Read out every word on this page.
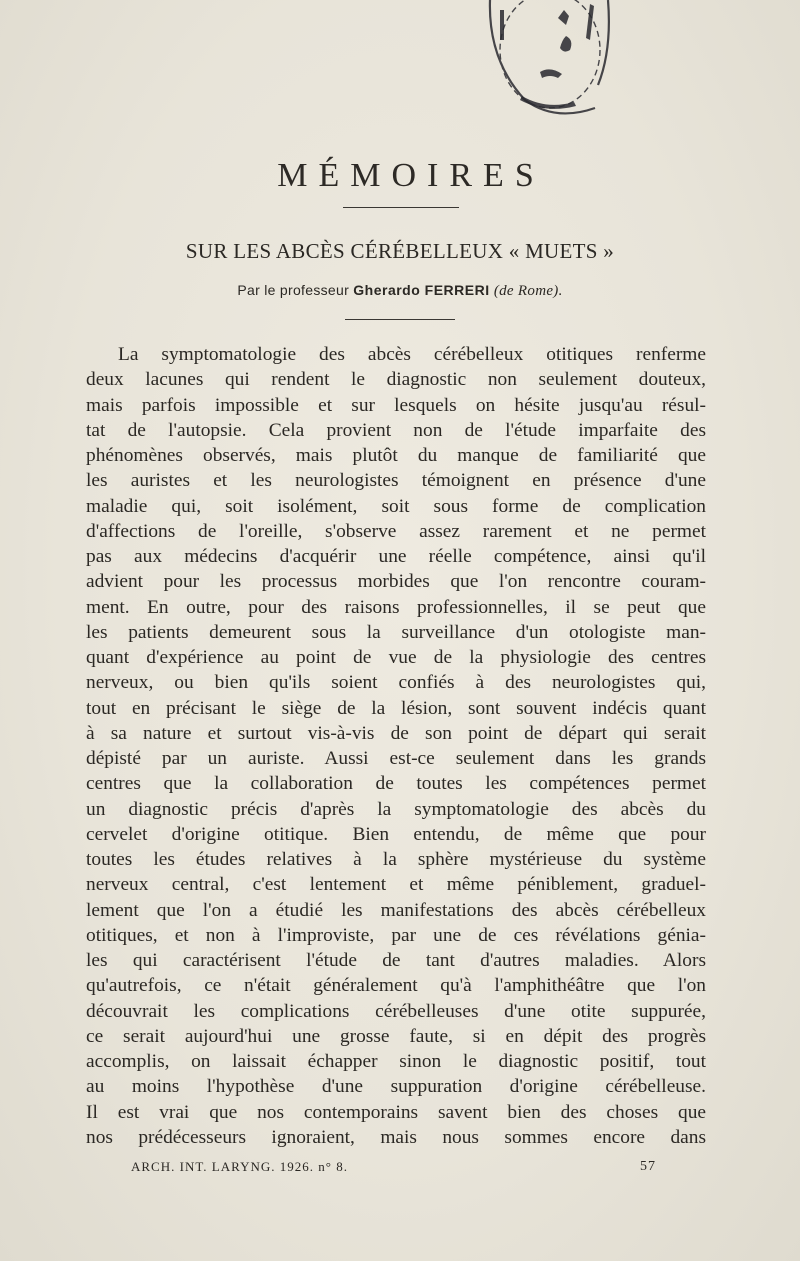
MÉMOIRES
SUR LES ABCÈS CÉRÉBELLEUX « MUETS »
Par le professeur Gherardo FERRERI (de Rome).
La symptomatologie des abcès cérébelleux otitiques renferme
deux lacunes qui rendent le diagnostic non seulement douteux,
mais parfois impossible et sur lesquels on hésite jusqu'au résul-
tat de l'autopsie. Cela provient non de l'étude imparfaite des
phénomènes observés, mais plutôt du manque de familiarité que
les auristes et les neurologistes témoignent en présence d'une
maladie qui, soit isolément, soit sous forme de complication
d'affections de l'oreille, s'observe assez rarement et ne permet
pas aux médecins d'acquérir une réelle compétence, ainsi qu'il
advient pour les processus morbides que l'on rencontre couram-
ment. En outre, pour des raisons professionnelles, il se peut que
les patients demeurent sous la surveillance d'un otologiste man-
quant d'expérience au point de vue de la physiologie des centres
nerveux, ou bien qu'ils soient confiés à des neurologistes qui,
tout en précisant le siège de la lésion, sont souvent indécis quant
à sa nature et surtout vis-à-vis de son point de départ qui serait
dépisté par un auriste. Aussi est-ce seulement dans les grands
centres que la collaboration de toutes les compétences permet
un diagnostic précis d'après la symptomatologie des abcès du
cervelet d'origine otitique. Bien entendu, de même que pour
toutes les études relatives à la sphère mystérieuse du système
nerveux central, c'est lentement et même péniblement, graduel-
lement que l'on a étudié les manifestations des abcès cérébelleux
otitiques, et non à l'improviste, par une de ces révélations génia-
les qui caractérisent l'étude de tant d'autres maladies. Alors
qu'autrefois, ce n'était généralement qu'à l'amphithéâtre que l'on
découvrait les complications cérébelleuses d'une otite suppurée,
ce serait aujourd'hui une grosse faute, si en dépit des progrès
accomplis, on laissait échapper sinon le diagnostic positif, tout
au moins l'hypothèse d'une suppuration d'origine cérébelleuse.
Il est vrai que nos contemporains savent bien des choses que
nos prédécesseurs ignoraient, mais nous sommes encore dans
ARCH. INT. LARYNG. 1926. n° 8.	57
